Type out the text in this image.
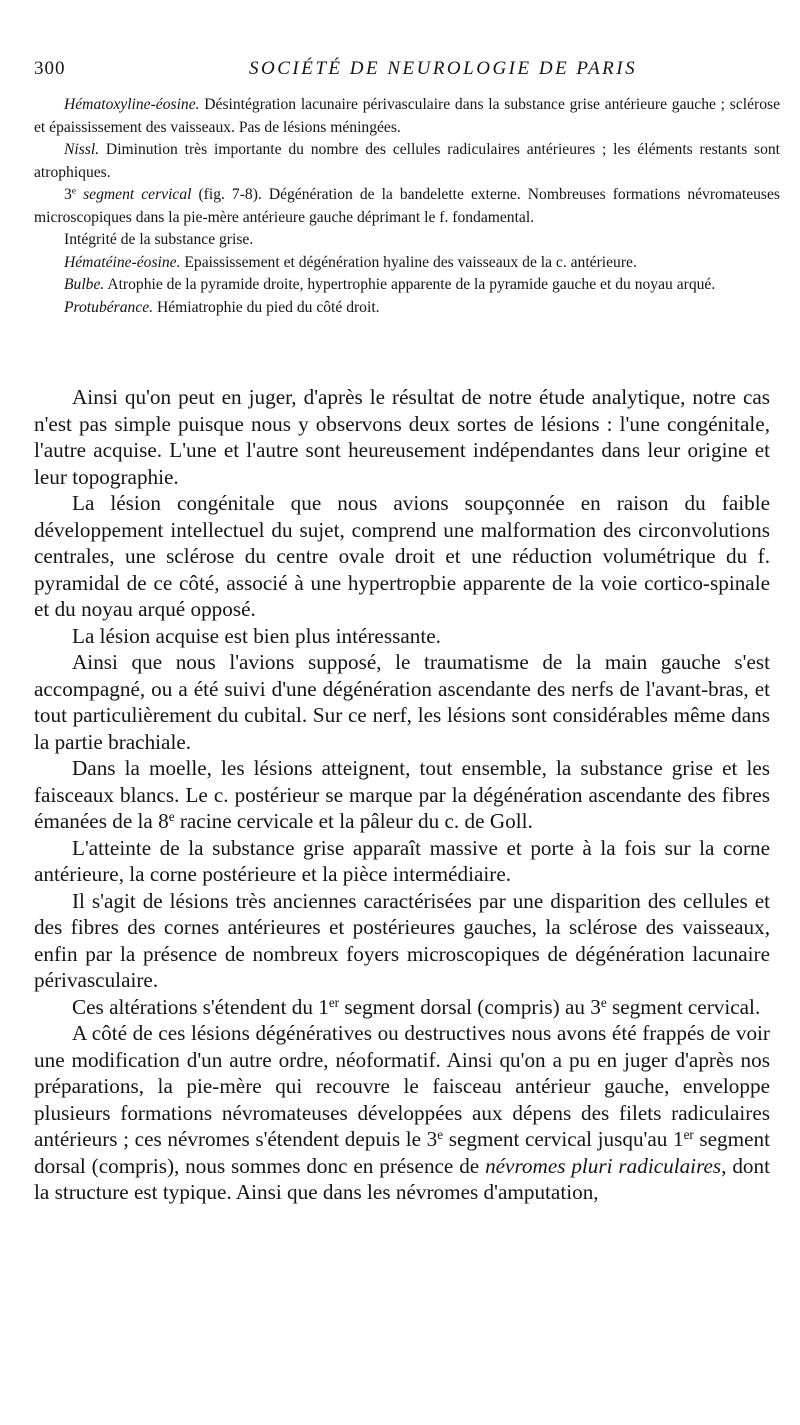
300	SOCIÉTÉ DE NEUROLOGIE DE PARIS

Hématoxyline-éosine. Désintégration lacunaire périvasculaire dans la substance grise antérieure gauche ; sclérose et épaississement des vaisseaux. Pas de lésions méningées.

Nissl. Diminution très importante du nombre des cellules radiculaires antérieures ; les éléments restants sont atrophiques.

3e segment cervical (fig. 7-8). Dégénération de la bandelette externe. Nombreuses formations névromateuses microscopiques dans la pie-mère antérieure gauche déprimant le f. fondamental.

Intégrité de la substance grise.

Hématéine-éosine. Epaississement et dégénération hyaline des vaisseaux de la c. antérieure.

Bulbe. Atrophie de la pyramide droite, hypertrophie apparente de la pyramide gauche et du noyau arqué.

Protubérance. Hémiatrophie du pied du côté droit.

Ainsi qu'on peut en juger, d'après le résultat de notre étude analytique, notre cas n'est pas simple puisque nous y observons deux sortes de lésions : l'une congénitale, l'autre acquise. L'une et l'autre sont heureusement indépendantes dans leur origine et leur topographie.

La lésion congénitale que nous avions soupçonnée en raison du faible développement intellectuel du sujet, comprend une malformation des circonvolutions centrales, une sclérose du centre ovale droit et une réduction volumétrique du f. pyramidal de ce côté, associé à une hypertropbie apparente de la voie cortico-spinale et du noyau arqué opposé.

La lésion acquise est bien plus intéressante.

Ainsi que nous l'avions supposé, le traumatisme de la main gauche s'est accompagné, ou a été suivi d'une dégénération ascendante des nerfs de l'avant-bras, et tout particulièrement du cubital. Sur ce nerf, les lésions sont considérables même dans la partie brachiale.

Dans la moelle, les lésions atteignent, tout ensemble, la substance grise et les faisceaux blancs. Le c. postérieur se marque par la dégénération ascendante des fibres émanées de la 8e racine cervicale et la pâleur du c. de Goll.

L'atteinte de la substance grise apparaît massive et porte à la fois sur la corne antérieure, la corne postérieure et la pièce intermédiaire.

Il s'agit de lésions très anciennes caractérisées par une disparition des cellules et des fibres des cornes antérieures et postérieures gauches, la sclérose des vaisseaux, enfin par la présence de nombreux foyers microscopiques de dégénération lacunaire périvasculaire.

Ces altérations s'étendent du 1er segment dorsal (compris) au 3e segment cervical.

A côté de ces lésions dégénératives ou destructives nous avons été frappés de voir une modification d'un autre ordre, néoformatif. Ainsi qu'on a pu en juger d'après nos préparations, la pie-mère qui recouvre le faisceau antérieur gauche, enveloppe plusieurs formations névromateuses développées aux dépens des filets radiculaires antérieurs ; ces névromes s'étendent depuis le 3e segment cervical jusqu'au 1er segment dorsal (compris), nous sommes donc en présence de névromes pluri radiculaires, dont la structure est typique. Ainsi que dans les névromes d'amputation,
